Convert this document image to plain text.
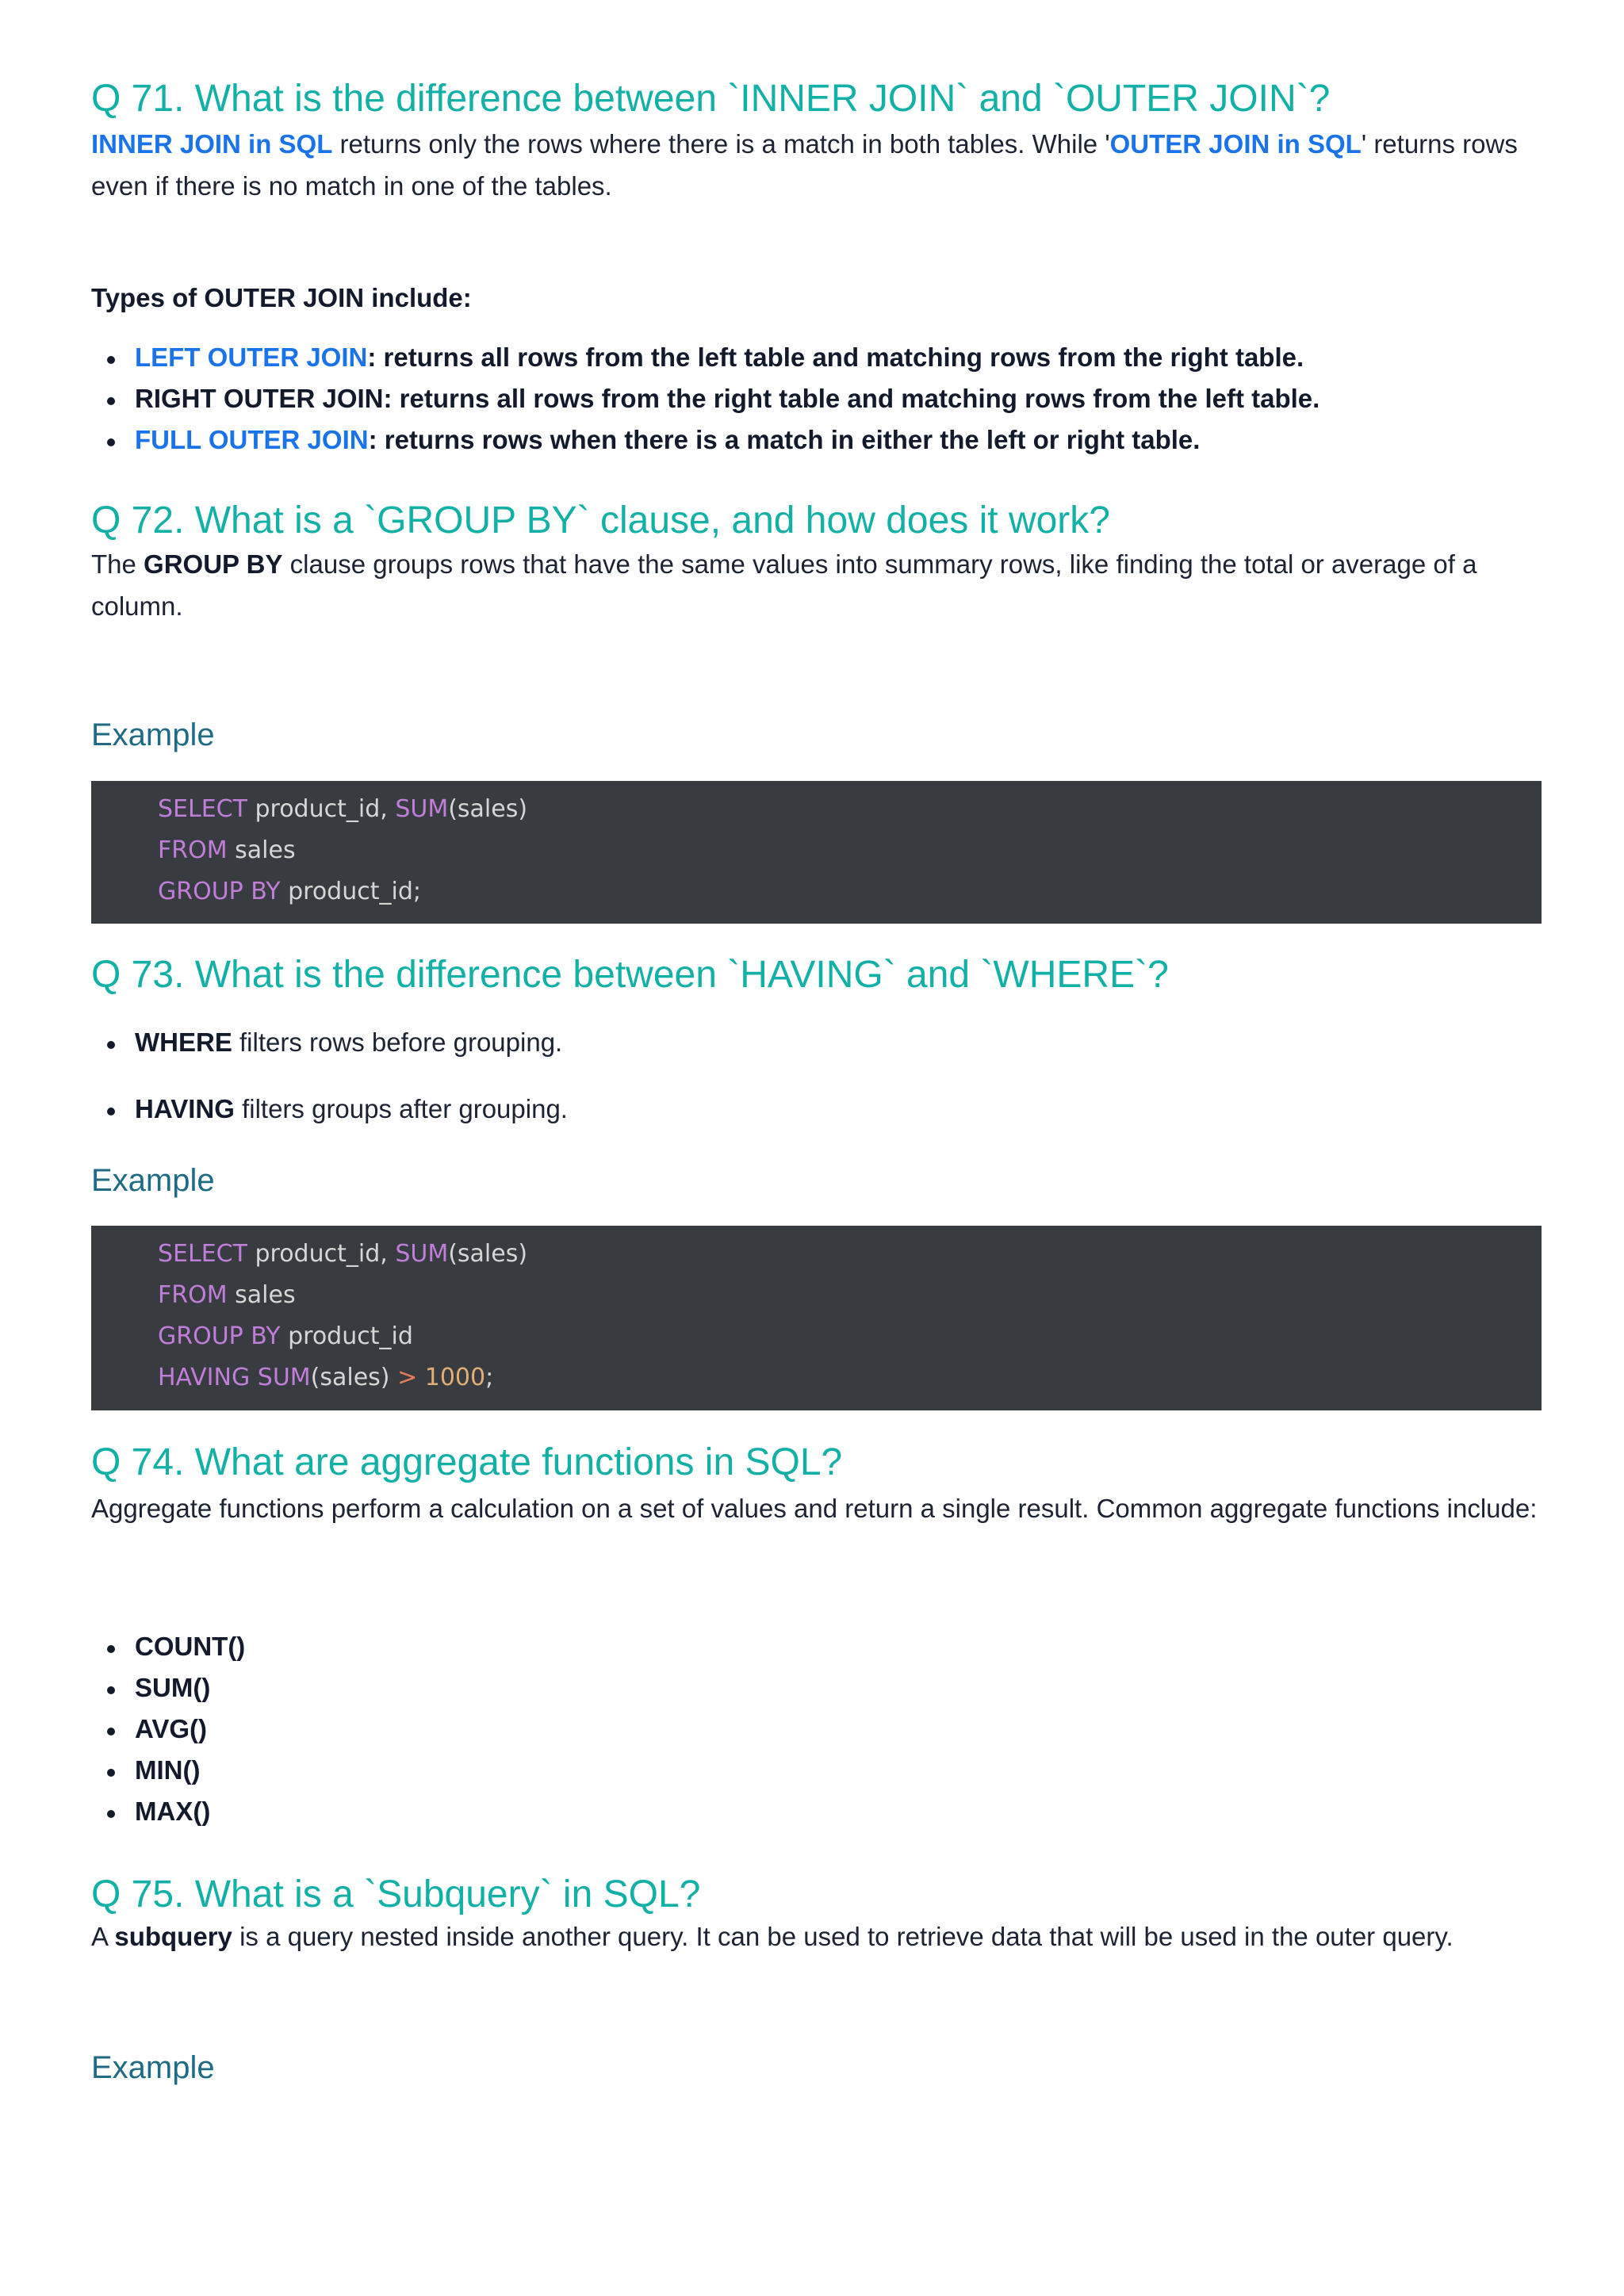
Q 71. What is the difference between `INNER JOIN` and `OUTER JOIN`?

INNER JOIN in SQL returns only the rows where there is a match in both tables. While 'OUTER JOIN in SQL' returns rows even if there is no match in one of the tables.

Types of OUTER JOIN include:

LEFT OUTER JOIN: returns all rows from the left table and matching rows from the right table.
RIGHT OUTER JOIN: returns all rows from the right table and matching rows from the left table.
FULL OUTER JOIN: returns rows when there is a match in either the left or right table.
Q 72. What is a `GROUP BY` clause, and how does it work?

The GROUP BY clause groups rows that have the same values into summary rows, like finding the total or average of a column.

Example

SELECT product_id, SUM(sales)
FROM sales
GROUP BY product_id;
Q 73. What is the difference between `HAVING` and `WHERE`?
WHERE filters rows before grouping.
HAVING filters groups after grouping.

Example

SELECT product_id, SUM(sales)
FROM sales
GROUP BY product_id
HAVING SUM(sales) > 1000;
Q 74. What are aggregate functions in SQL?

Aggregate functions perform a calculation on a set of values and return a single result. Common aggregate functions include:

COUNT()
SUM()
AVG()
MIN()
MAX()
Q 75. What is a `Subquery` in SQL?

A subquery is a query nested inside another query. It can be used to retrieve data that will be used in the outer query.

Example
